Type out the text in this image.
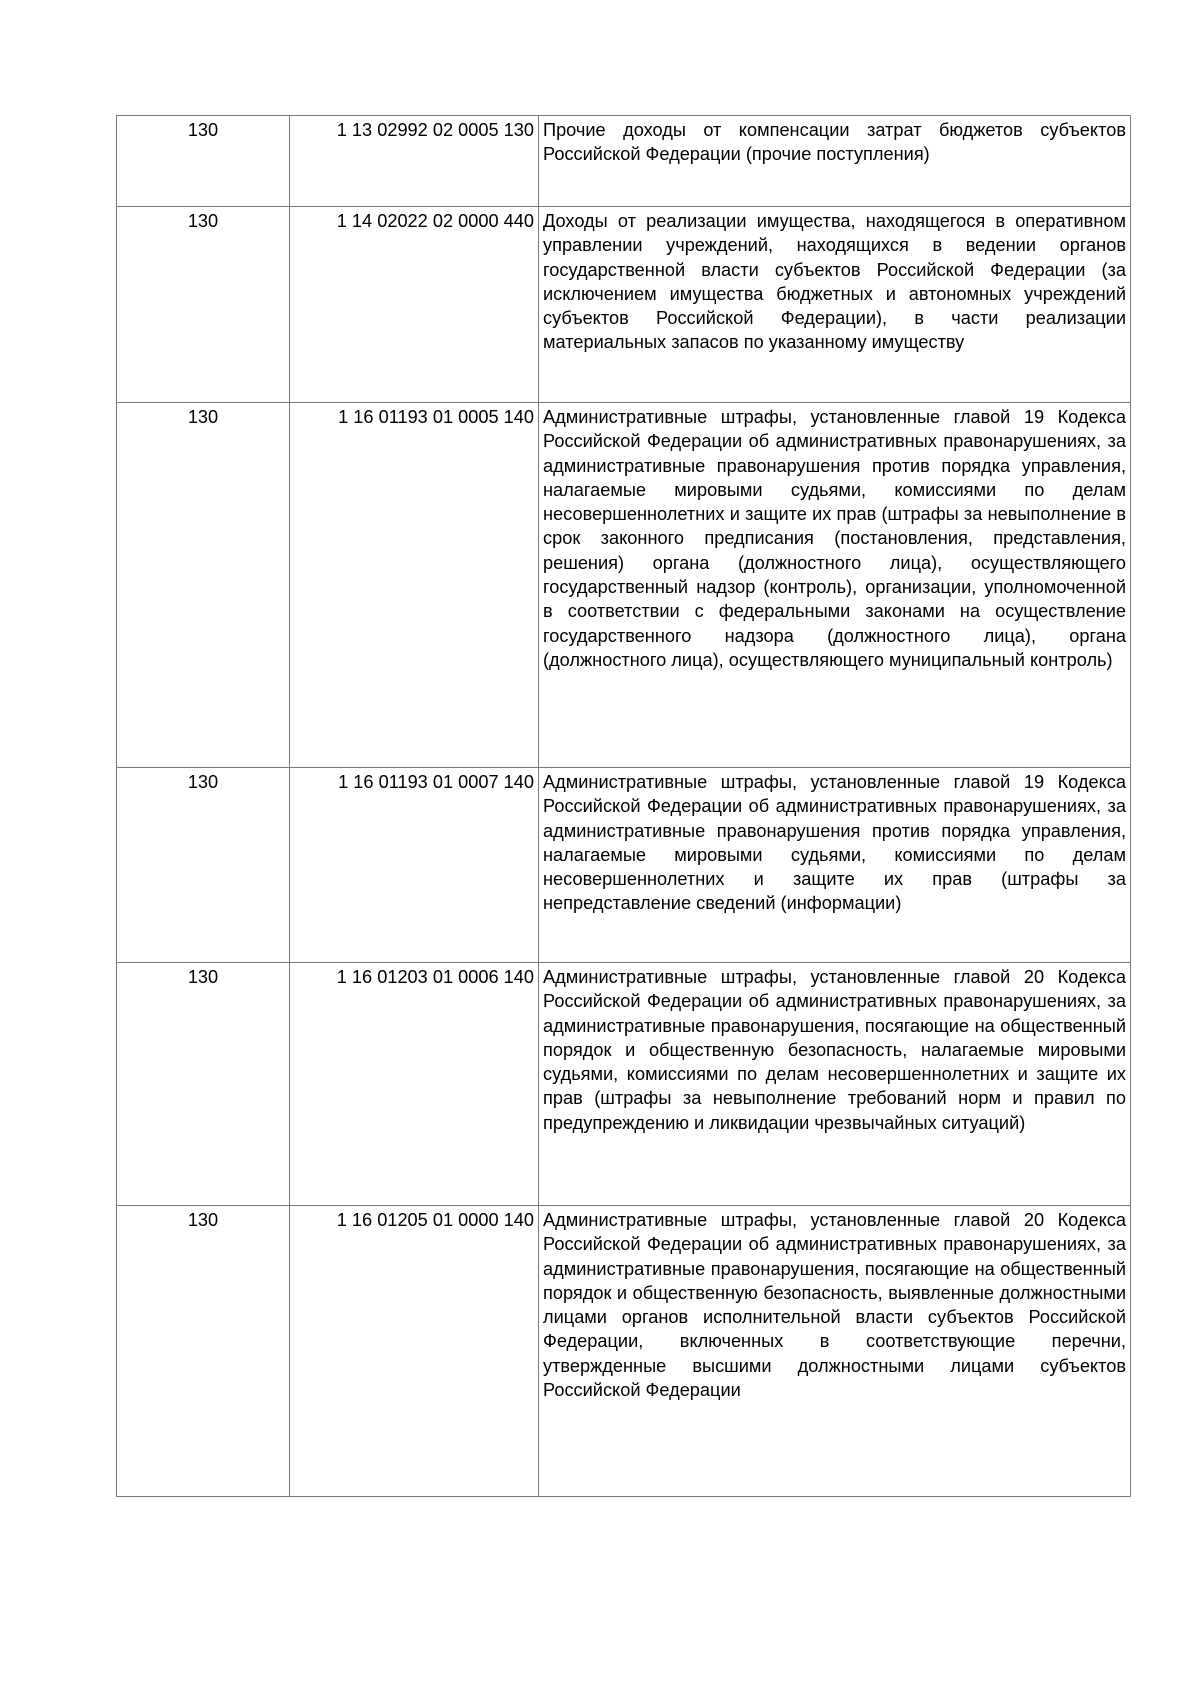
130	1 13 02992 02 0005 130	Прочие доходы от компенсации затрат бюджетов субъектов Российской Федерации (прочие поступления)
130	1 14 02022 02 0000 440	Доходы от реализации имущества, находящегося в оперативном управлении учреждений, находящихся в ведении органов государственной власти субъектов Российской Федерации (за исключением имущества бюджетных и автономных учреждений субъектов Российской Федерации), в части реализации материальных запасов по указанному имуществу
130	1 16 01193 01 0005 140	Административные штрафы, установленные главой 19 Кодекса Российской Федерации об административных правонарушениях, за административные правонарушения против порядка управления, налагаемые мировыми судьями, комиссиями по делам несовершеннолетних и защите их прав (штрафы за невыполнение в срок законного предписания (постановления, представления, решения) органа (должностного лица), осуществляющего государственный надзор (контроль), организации, уполномоченной в соответствии с федеральными законами на осуществление государственного надзора (должностного лица), органа (должностного лица), осуществляющего муниципальный контроль)
130	1 16 01193 01 0007 140	Административные штрафы, установленные главой 19 Кодекса Российской Федерации об административных правонарушениях, за административные правонарушения против порядка управления, налагаемые мировыми судьями, комиссиями по делам несовершеннолетних и защите их прав (штрафы за непредставление сведений (информации)
130	1 16 01203 01 0006 140	Административные штрафы, установленные главой 20 Кодекса Российской Федерации об административных правонарушениях, за административные правонарушения, посягающие на общественный порядок и общественную безопасность, налагаемые мировыми судьями, комиссиями по делам несовершеннолетних и защите их прав (штрафы за невыполнение требований норм и правил по предупреждению и ликвидации чрезвычайных ситуаций)
130	1 16 01205 01 0000 140	Административные штрафы, установленные главой 20 Кодекса Российской Федерации об административных правонарушениях, за административные правонарушения, посягающие на общественный порядок и общественную безопасность, выявленные должностными лицами органов исполнительной власти субъектов Российской Федерации, включенных в соответствующие перечни, утвержденные высшими должностными лицами субъектов Российской Федерации
